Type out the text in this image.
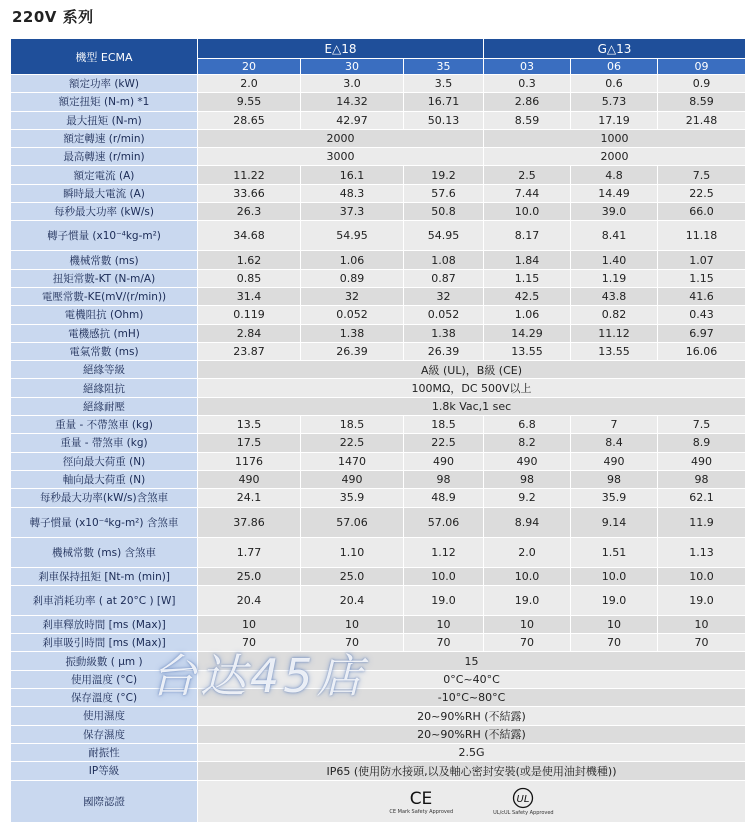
220V 系列
機型 ECMA	E△18			G△13		
	20	30	35	03	06	09
額定功率 (kW)	2.0	3.0	3.5	0.3	0.6	0.9
額定扭矩 (N-m) *1	9.55	14.32	16.71	2.86	5.73	8.59
最大扭矩 (N-m)	28.65	42.97	50.13	8.59	17.19	21.48
額定轉速 (r/min)	2000			1000		
最高轉速 (r/min)	3000			2000		
額定電流 (A)	11.22	16.1	19.2	2.5	4.8	7.5
瞬時最大電流 (A)	33.66	48.3	57.6	7.44	14.49	22.5
每秒最大功率 (kW/s)	26.3	37.3	50.8	10.0	39.0	66.0
轉子慣量 (x10⁻⁴kg-m²)	34.68	54.95	54.95	8.17	8.41	11.18
機械常數 (ms)	1.62	1.06	1.08	1.84	1.40	1.07
扭矩常數-KT (N-m/A)	0.85	0.89	0.87	1.15	1.19	1.15
電壓常數-KE(mV/(r/min))	31.4	32	32	42.5	43.8	41.6
電機阻抗 (Ohm)	0.119	0.052	0.052	1.06	0.82	0.43
電機感抗 (mH)	2.84	1.38	1.38	14.29	11.12	6.97
電氣常數 (ms)	23.87	26.39	26.39	13.55	13.55	16.06
絕緣等級	A級 (UL)，B級 (CE)					
絕緣阻抗	100MΩ，DC 500V以上					
絕緣耐壓	1.8k Vac,1 sec					
重量 - 不帶煞車 (kg)	13.5	18.5	18.5	6.8	7	7.5
重量 - 帶煞車 (kg)	17.5	22.5	22.5	8.2	8.4	8.9
徑向最大荷重 (N)	1176	1470	490	490	490	490
軸向最大荷重 (N)	490	490	98	98	98	98
每秒最大功率(kW/s)含煞車	24.1	35.9	48.9	9.2	35.9	62.1
轉子慣量 (x10⁻⁴kg-m²) 含煞車	37.86	57.06	57.06	8.94	9.14	11.9
機械常數 (ms) 含煞車	1.77	1.10	1.12	2.0	1.51	1.13
剎車保持扭矩 [Nt-m (min)]	25.0	25.0	10.0	10.0	10.0	10.0
剎車消耗功率 ( at 20°C ) [W]	20.4	20.4	19.0	19.0	19.0	19.0
剎車釋放時間 [ms (Max)]	10	10	10	10	10	10
剎車吸引時間 [ms (Max)]	70	70	70	70	70	70
振動級數 ( μm )	15					
使用溫度 (°C)	0°C~40°C					
保存溫度 (°C)	-10°C~80°C					
使用濕度	20~90%RH (不結露)					
保存濕度	20~90%RH (不結露)					
耐振性	2.5G					
IP等級	IP65 (使用防水接頭,以及軸心密封安裝(或是使用油封機種))					
國際認證	CE
CE Mark Safety Approved
UL
UL/cUL Safety Approved					
台达45店
